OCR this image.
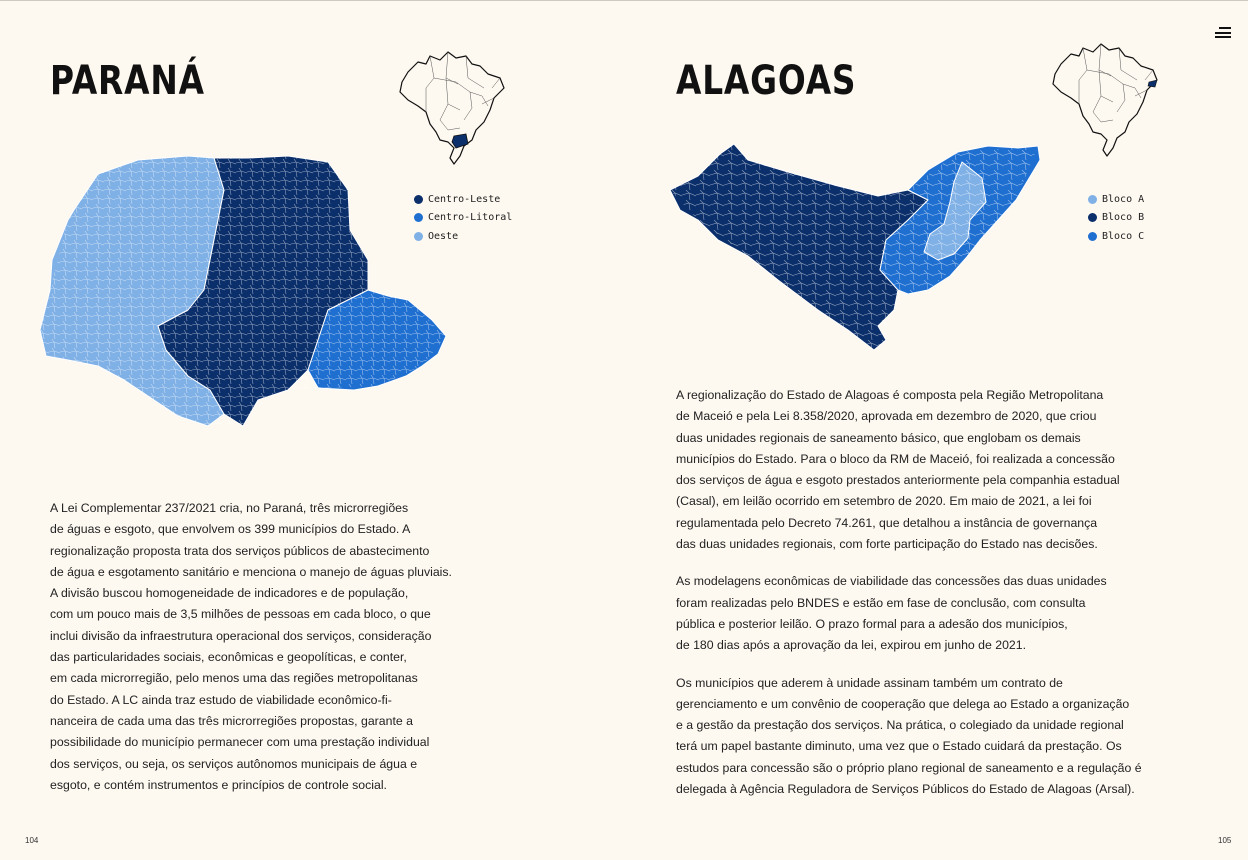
PARANÁ
Centro-Leste
Centro-Litoral
Oeste

A Lei Complementar 237/2021 cria, no Paraná, três microrregiões
de águas e esgoto, que envolvem os 399 municípios do Estado. A
regionalização proposta trata dos serviços públicos de abastecimento
de água e esgotamento sanitário e menciona o manejo de águas pluviais.
A divisão buscou homogeneidade de indicadores e de população,
com um pouco mais de 3,5 milhões de pessoas em cada bloco, o que
inclui divisão da infraestrutura operacional dos serviços, consideração
das particularidades sociais, econômicas e geopolíticas, e conter,
em cada microrregião, pelo menos uma das regiões metropolitanas
do Estado. A LC ainda traz estudo de viabilidade econômico-fi-
nanceira de cada uma das três microrregiões propostas, garante a
possibilidade do município permanecer com uma prestação individual
dos serviços, ou seja, os serviços autônomos municipais de água e
esgoto, e contém instrumentos e princípios de controle social.

104
ALAGOAS
Bloco A
Bloco B
Bloco C

A regionalização do Estado de Alagoas é composta pela Região Metropolitana
de Maceió e pela Lei 8.358/2020, aprovada em dezembro de 2020, que criou
duas unidades regionais de saneamento básico, que englobam os demais
municípios do Estado. Para o bloco da RM de Maceió, foi realizada a concessão
dos serviços de água e esgoto prestados anteriormente pela companhia estadual
(Casal), em leilão ocorrido em setembro de 2020. Em maio de 2021, a lei foi
regulamentada pelo Decreto 74.261, que detalhou a instância de governança
das duas unidades regionais, com forte participação do Estado nas decisões.

As modelagens econômicas de viabilidade das concessões das duas unidades
foram realizadas pelo BNDES e estão em fase de conclusão, com consulta
pública e posterior leilão. O prazo formal para a adesão dos municípios,
de 180 dias após a aprovação da lei, expirou em junho de 2021.

Os municípios que aderem à unidade assinam também um contrato de
gerenciamento e um convênio de cooperação que delega ao Estado a organização
e a gestão da prestação dos serviços. Na prática, o colegiado da unidade regional
terá um papel bastante diminuto, uma vez que o Estado cuidará da prestação. Os
estudos para concessão são o próprio plano regional de saneamento e a regulação é
delegada à Agência Reguladora de Serviços Públicos do Estado de Alagoas (Arsal).

105
